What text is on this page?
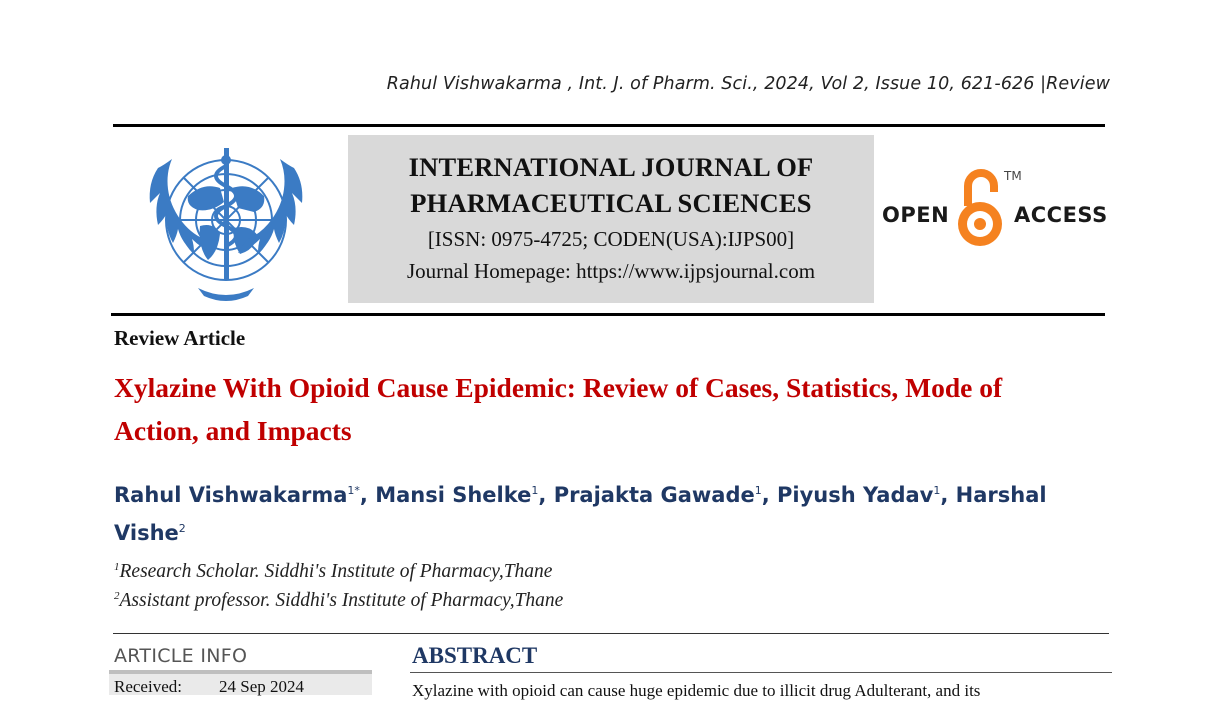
Rahul Vishwakarma , Int. J. of Pharm. Sci., 2024, Vol 2, Issue 10, 621-626 |Review
INTERNATIONAL JOURNAL OF
PHARMACEUTICAL SCIENCES
[ISSN: 0975-4725; CODEN(USA):IJPS00]
Journal Homepage: https://www.ijpsjournal.com
OPEN
TM
ACCESS
Review Article
Xylazine With Opioid Cause Epidemic: Review of Cases, Statistics, Mode of Action, and Impacts
Rahul Vishwakarma$^{1*}$, Mansi Shelke$^1$, Prajakta Gawade$^1$, Piyush Yadav$^1$, Harshal Vishe$^2$
$^1$Research Scholar. Siddhi's Institute of Pharmacy,Thane
$^2$Assistant professor. Siddhi's Institute of Pharmacy,Thane
ARTICLE INFO
Received: 24 Sep 2024
ABSTRACT
Xylazine with opioid can cause huge epidemic due to illicit drug Adulterant, and its
